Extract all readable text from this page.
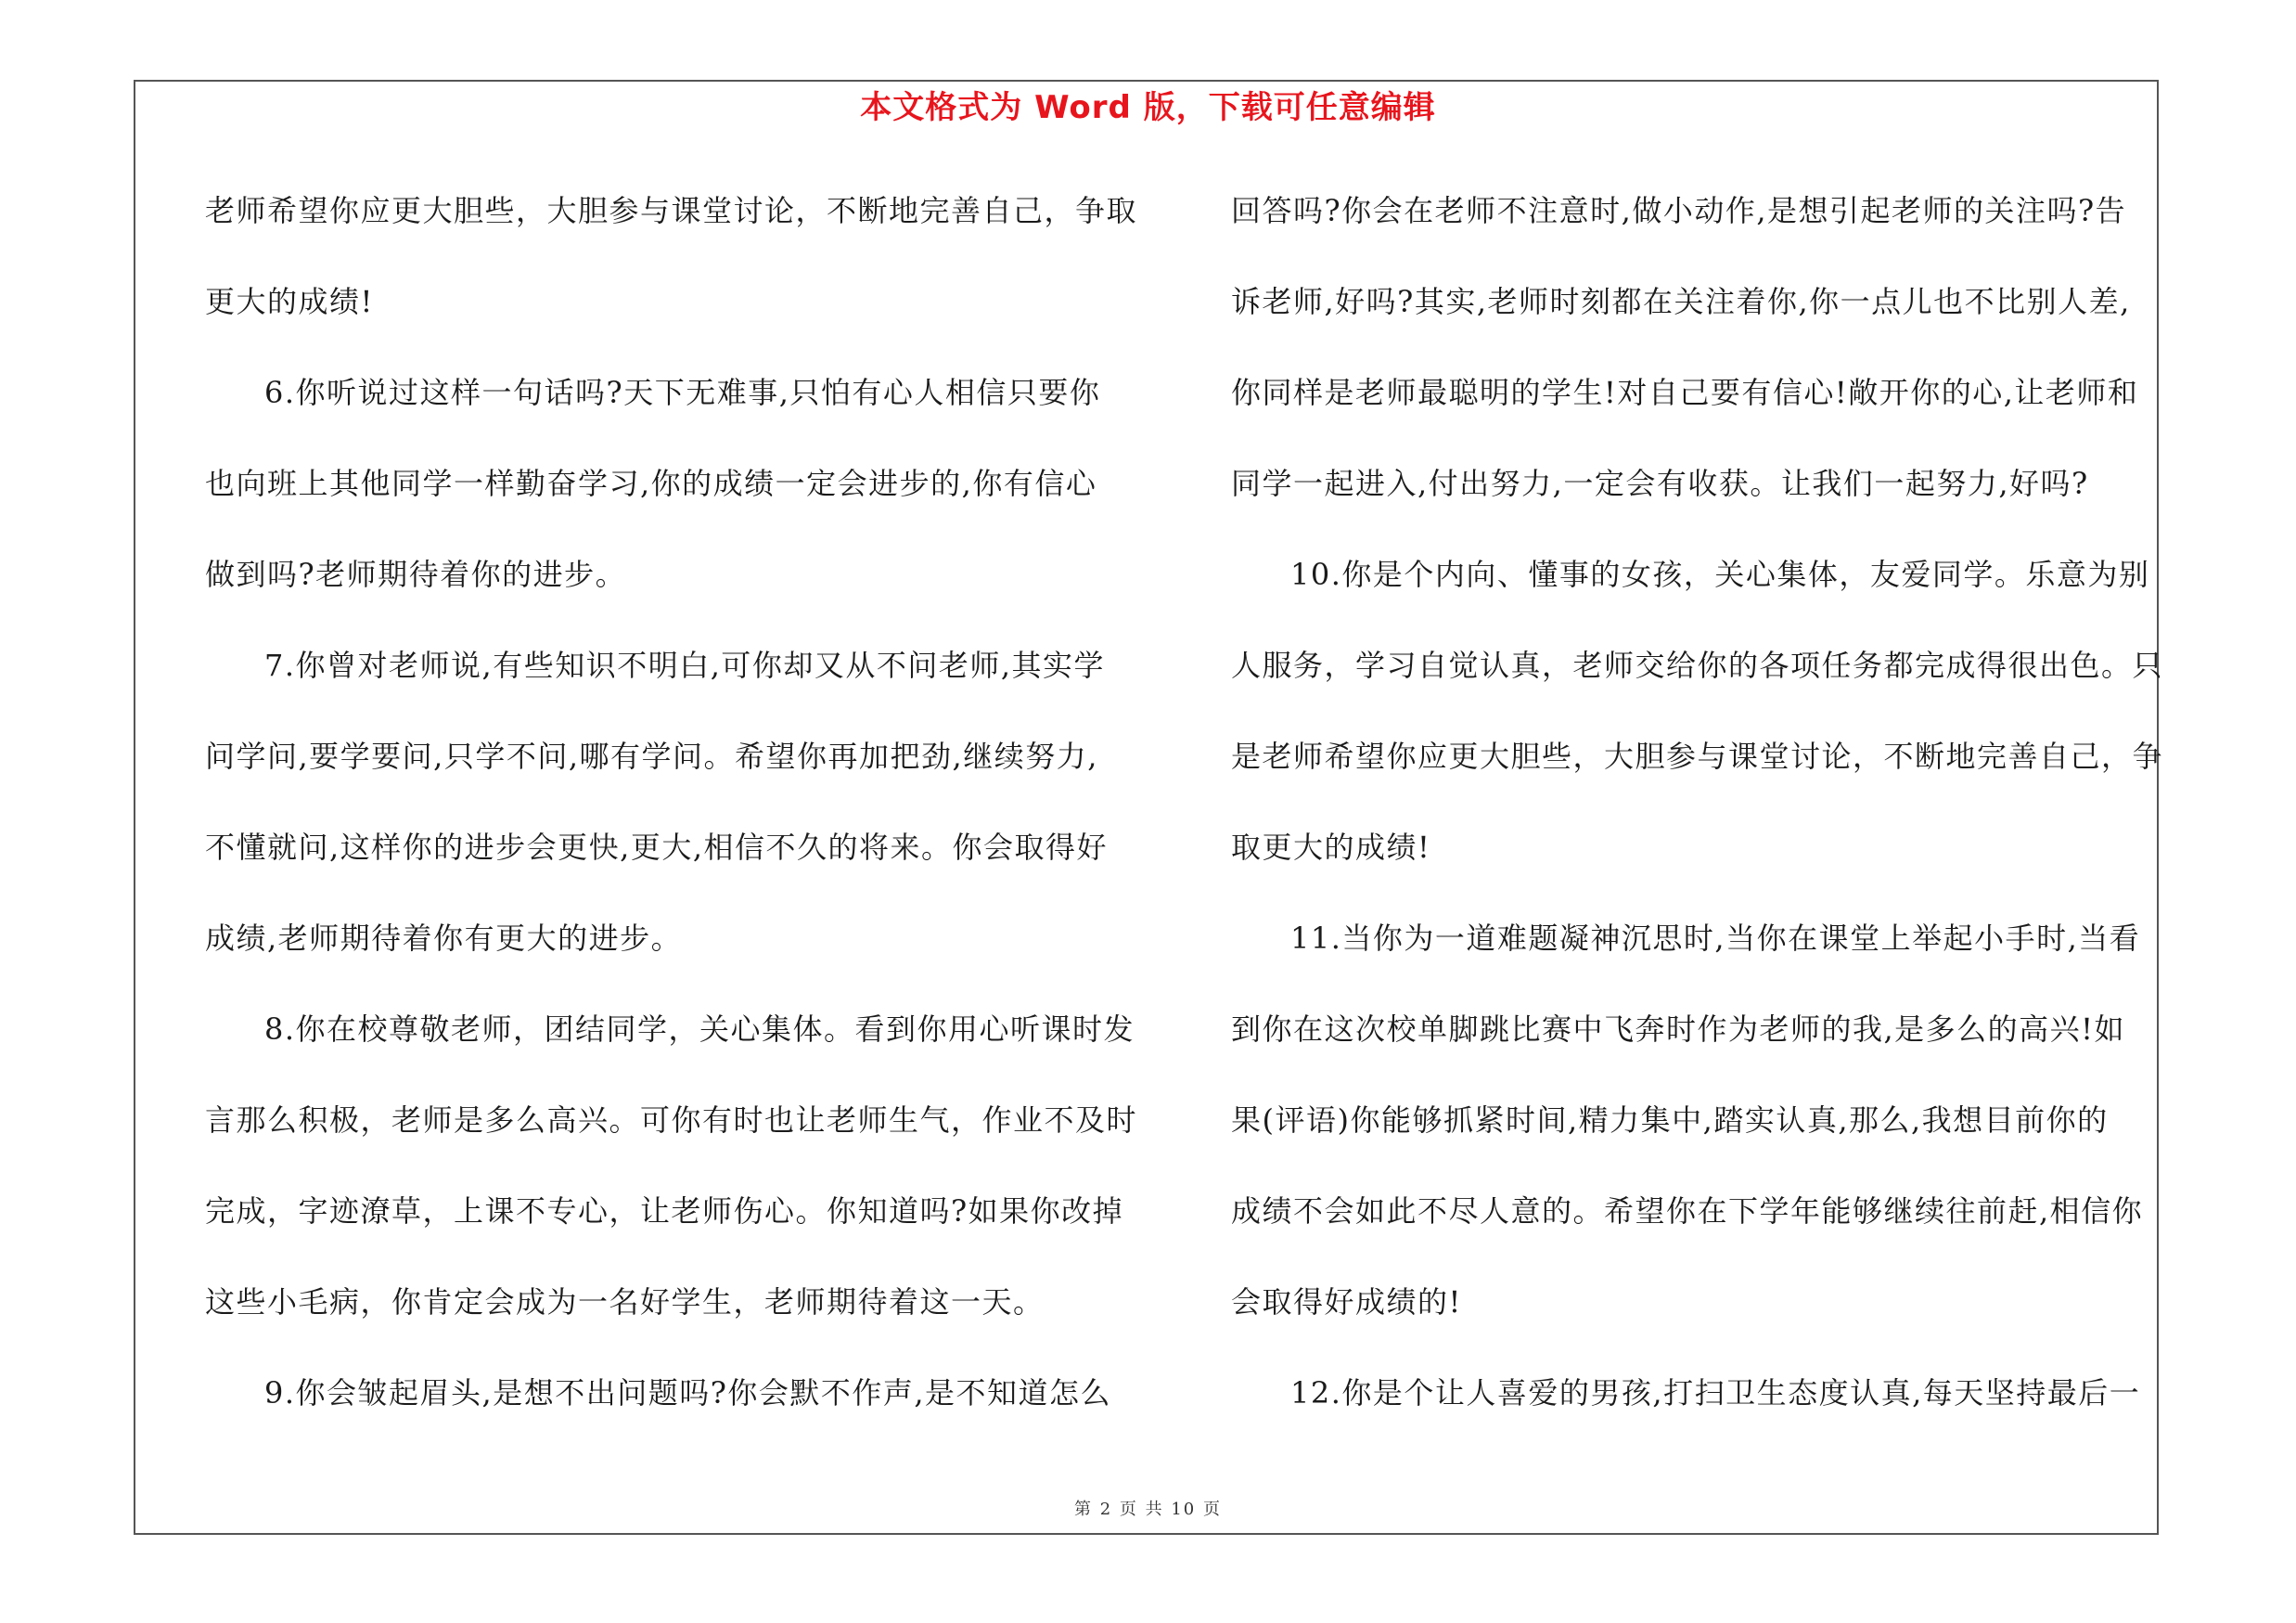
本文格式为 Word 版，下载可任意编辑
老师希望你应更大胆些，大胆参与课堂讨论，不断地完善自己，争取
更大的成绩!
6.你听说过这样一句话吗?天下无难事,只怕有心人相信只要你
也向班上其他同学一样勤奋学习,你的成绩一定会进步的,你有信心
做到吗?老师期待着你的进步。
7.你曾对老师说,有些知识不明白,可你却又从不问老师,其实学
问学问,要学要问,只学不问,哪有学问。希望你再加把劲,继续努力,
不懂就问,这样你的进步会更快,更大,相信不久的将来。你会取得好
成绩,老师期待着你有更大的进步。
8.你在校尊敬老师，团结同学，关心集体。看到你用心听课时发
言那么积极，老师是多么高兴。可你有时也让老师生气，作业不及时
完成，字迹潦草，上课不专心，让老师伤心。你知道吗?如果你改掉
这些小毛病，你肯定会成为一名好学生，老师期待着这一天。
9.你会皱起眉头,是想不出问题吗?你会默不作声,是不知道怎么
回答吗?你会在老师不注意时,做小动作,是想引起老师的关注吗?告
诉老师,好吗?其实,老师时刻都在关注着你,你一点儿也不比别人差,
你同样是老师最聪明的学生!对自己要有信心!敞开你的心,让老师和
同学一起进入,付出努力,一定会有收获。让我们一起努力,好吗?
10.你是个内向、懂事的女孩，关心集体，友爱同学。乐意为别
人服务，学习自觉认真，老师交给你的各项任务都完成得很出色。只
是老师希望你应更大胆些，大胆参与课堂讨论，不断地完善自己，争
取更大的成绩!
11.当你为一道难题凝神沉思时,当你在课堂上举起小手时,当看
到你在这次校单脚跳比赛中飞奔时作为老师的我,是多么的高兴!如
果(评语)你能够抓紧时间,精力集中,踏实认真,那么,我想目前你的
成绩不会如此不尽人意的。希望你在下学年能够继续往前赶,相信你
会取得好成绩的!
12.你是个让人喜爱的男孩,打扫卫生态度认真,每天坚持最后一
第 2 页 共 10 页
